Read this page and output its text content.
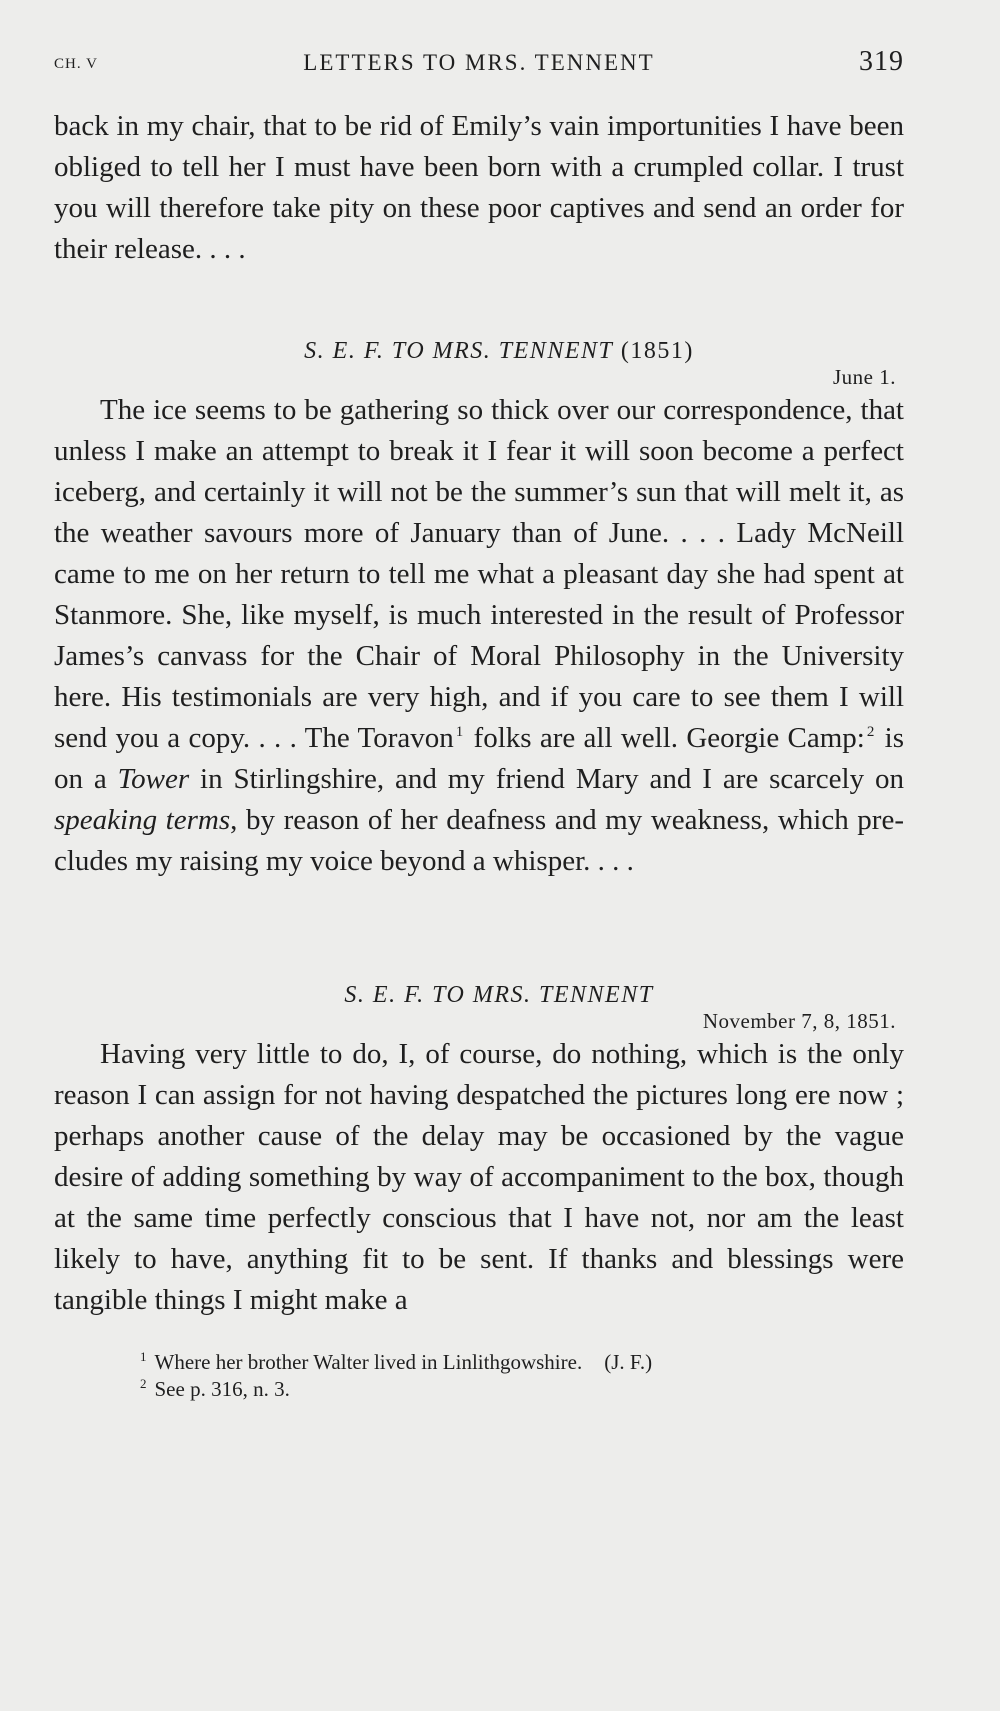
CH. V	LETTERS TO MRS. TENNENT	319

back in my chair, that to be rid of Emily’s vain importunities I have been obliged to tell her I must have been born with a crumpled collar. I trust you will therefore take pity on these poor captives and send an order for their release. . . .

S. E. F. TO MRS. TENNENT (1851)

June 1.

The ice seems to be gathering so thick over our correspondence, that unless I make an attempt to break it I fear it will soon become a perfect iceberg, and certainly it will not be the summer’s sun that will melt it, as the weather savours more of January than of June. . . . Lady McNeill came to me on her return to tell me what a pleasant day she had spent at Stanmore. She, like myself, is much interested in the result of Professor James’s canvass for the Chair of Moral Philosophy in the University here. His testimonials are very high, and if you care to see them I will send you a copy. . . . The Toravon $^1$ folks are all well. Georgie Camp: $^2$ is on a Tower in Stirlingshire, and my friend Mary and I are scarcely on speaking terms, by reason of her deafness and my weakness, which precludes my raising my voice beyond a whisper. . . .

S. E. F. TO MRS. TENNENT

November 7, 8, 1851.

Having very little to do, I, of course, do nothing, which is the only reason I can assign for not having despatched the pictures long ere now ; perhaps another cause of the delay may be occasioned by the vague desire of adding something by way of accompaniment to the box, though at the same time perfectly conscious that I have not, nor am the least likely to have, anything fit to be sent. If thanks and blessings were tangible things I might make a

$^1$ Where her brother Walter lived in Linlithgowshire. (J. F.)

$^2$ See p. 316, n. 3.
